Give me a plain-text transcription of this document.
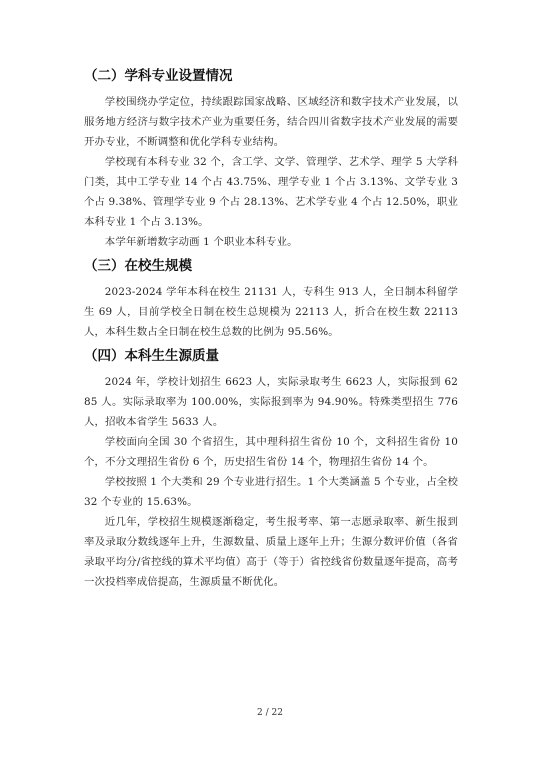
（二）学科专业设置情况

学校围绕办学定位，持续跟踪国家战略、区域经济和数字技术产业发展，以服务地方经济与数字技术产业为重要任务，结合四川省数字技术产业发展的需要开办专业，不断调整和优化学科专业结构。

学校现有本科专业 32 个，含工学、文学、管理学、艺术学、理学 5 大学科门类，其中工学专业 14 个占 43.75%、理学专业 1 个占 3.13%、文学专业 3 个占 9.38%、管理学专业 9 个占 28.13%、艺术学专业 4 个占 12.50%，职业本科专业 1 个占 3.13%。

本学年新增数字动画 1 个职业本科专业。

（三）在校生规模

2023-2024 学年本科在校生 21131 人，专科生 913 人，全日制本科留学生 69 人，目前学校全日制在校生总规模为 22113 人，折合在校生数 22113 人，本科生数占全日制在校生总数的比例为 95.56%。

（四）本科生生源质量

2024 年，学校计划招生 6623 人，实际录取考生 6623 人，实际报到 6285 人。实际录取率为 100.00%，实际报到率为 94.90%。特殊类型招生 776 人，招收本省学生 5633 人。

学校面向全国 30 个省招生，其中理科招生省份 10 个，文科招生省份 10 个，不分文理招生省份 6 个，历史招生省份 14 个，物理招生省份 14 个。

学校按照 1 个大类和 29 个专业进行招生。1 个大类涵盖 5 个专业，占全校 32 个专业的 15.63%。

近几年，学校招生规模逐渐稳定，考生报考率、第一志愿录取率、新生报到率及录取分数线逐年上升，生源数量、质量上逐年上升；生源分数评价值（各省录取平均分/省控线的算术平均值）高于（等于）省控线省份数量逐年提高，高考一次投档率成倍提高，生源质量不断优化。

2 / 22
